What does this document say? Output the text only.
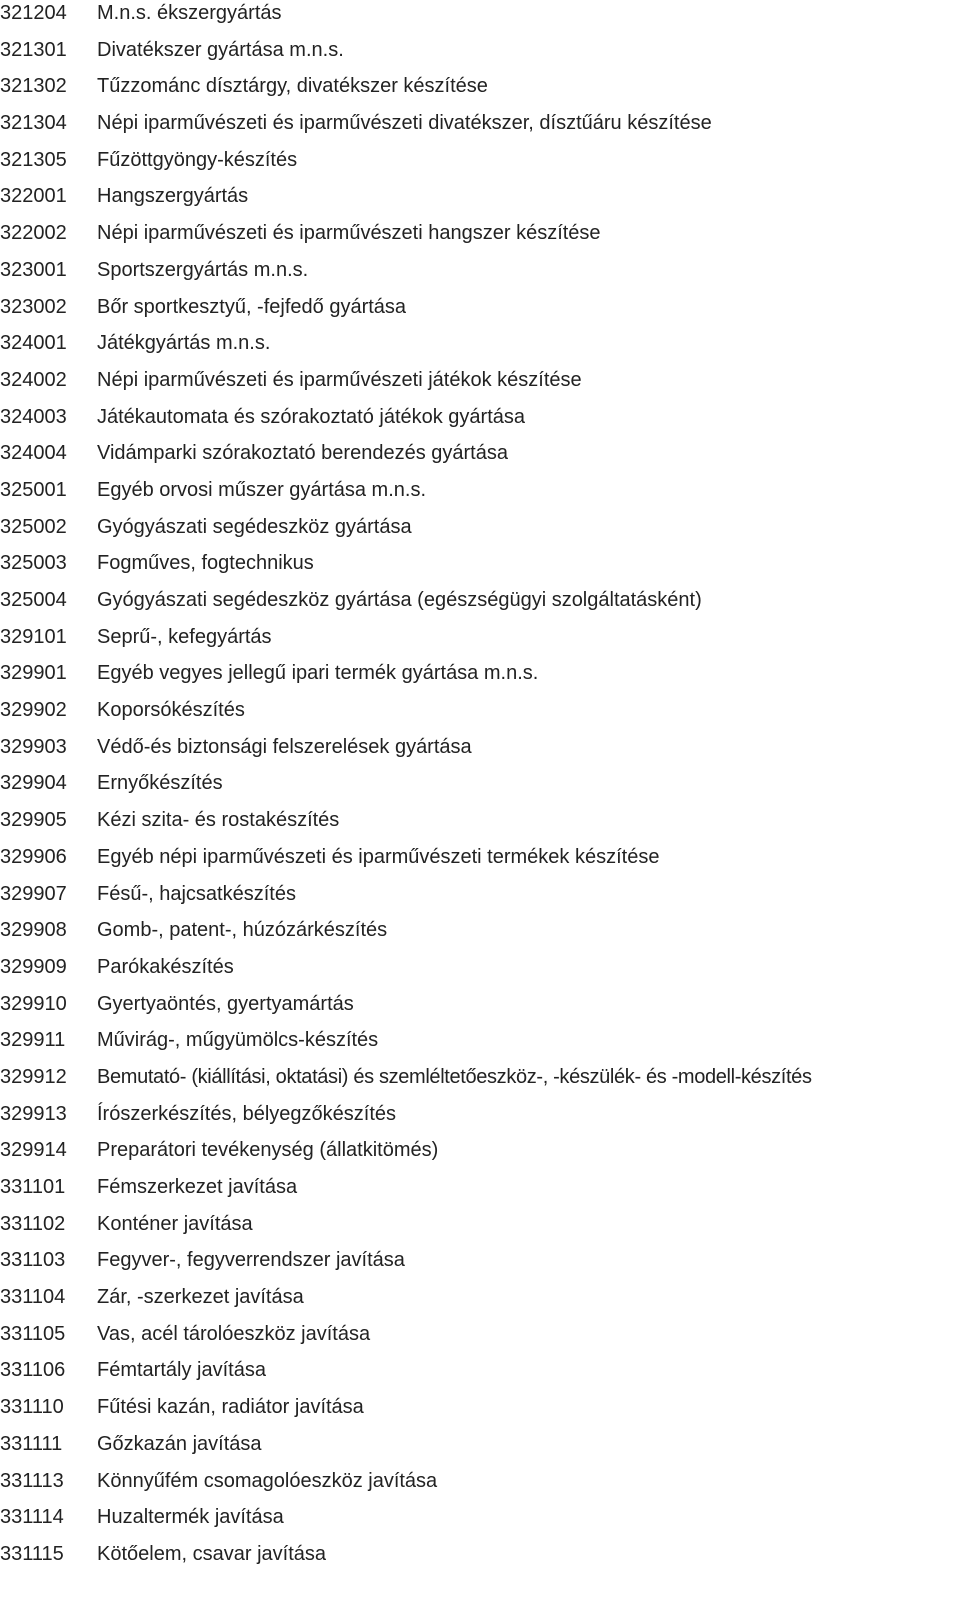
321204	M.n.s. ékszergyártás
321301	Divatékszer gyártása m.n.s.
321302	Tűzzománc dísztárgy, divatékszer készítése
321304	Népi iparművészeti és iparművészeti divatékszer, dísztűáru készítése
321305	Fűzöttgyöngy-készítés
322001	Hangszergyártás
322002	Népi iparművészeti és iparművészeti hangszer készítése
323001	Sportszergyártás m.n.s.
323002	Bőr sportkesztyű, -fejfedő gyártása
324001	Játékgyártás m.n.s.
324002	Népi iparművészeti és iparművészeti játékok készítése
324003	Játékautomata és szórakoztató játékok gyártása
324004	Vidámparki szórakoztató berendezés gyártása
325001	Egyéb orvosi műszer gyártása m.n.s.
325002	Gyógyászati segédeszköz gyártása
325003	Fogműves, fogtechnikus
325004	Gyógyászati segédeszköz gyártása (egészségügyi szolgáltatásként)
329101	Seprű-, kefegyártás
329901	Egyéb vegyes jellegű ipari termék gyártása m.n.s.
329902	Koporsókészítés
329903	Védő-és biztonsági felszerelések gyártása
329904	Ernyőkészítés
329905	Kézi szita- és rostakészítés
329906	Egyéb népi iparművészeti és iparművészeti termékek készítése
329907	Fésű-, hajcsatkészítés
329908	Gomb-, patent-, húzózárkészítés
329909	Parókakészítés
329910	Gyertyaöntés, gyertyamártás
329911	Művirág-, műgyümölcs-készítés
329912	Bemutató- (kiállítási, oktatási) és szemléltetőeszköz-, -készülék- és -modell-készítés
329913	Írószerkészítés, bélyegzőkészítés
329914	Preparátori tevékenység (állatkitömés)
331101	Fémszerkezet javítása
331102	Konténer javítása
331103	Fegyver-, fegyverrendszer javítása
331104	Zár, -szerkezet javítása
331105	Vas, acél tárolóeszköz javítása
331106	Fémtartály javítása
331110	Fűtési kazán, radiátor javítása
331111	Gőzkazán javítása
331113	Könnyűfém csomagolóeszköz javítása
331114	Huzaltermék javítása
331115	Kötőelem, csavar javítása
